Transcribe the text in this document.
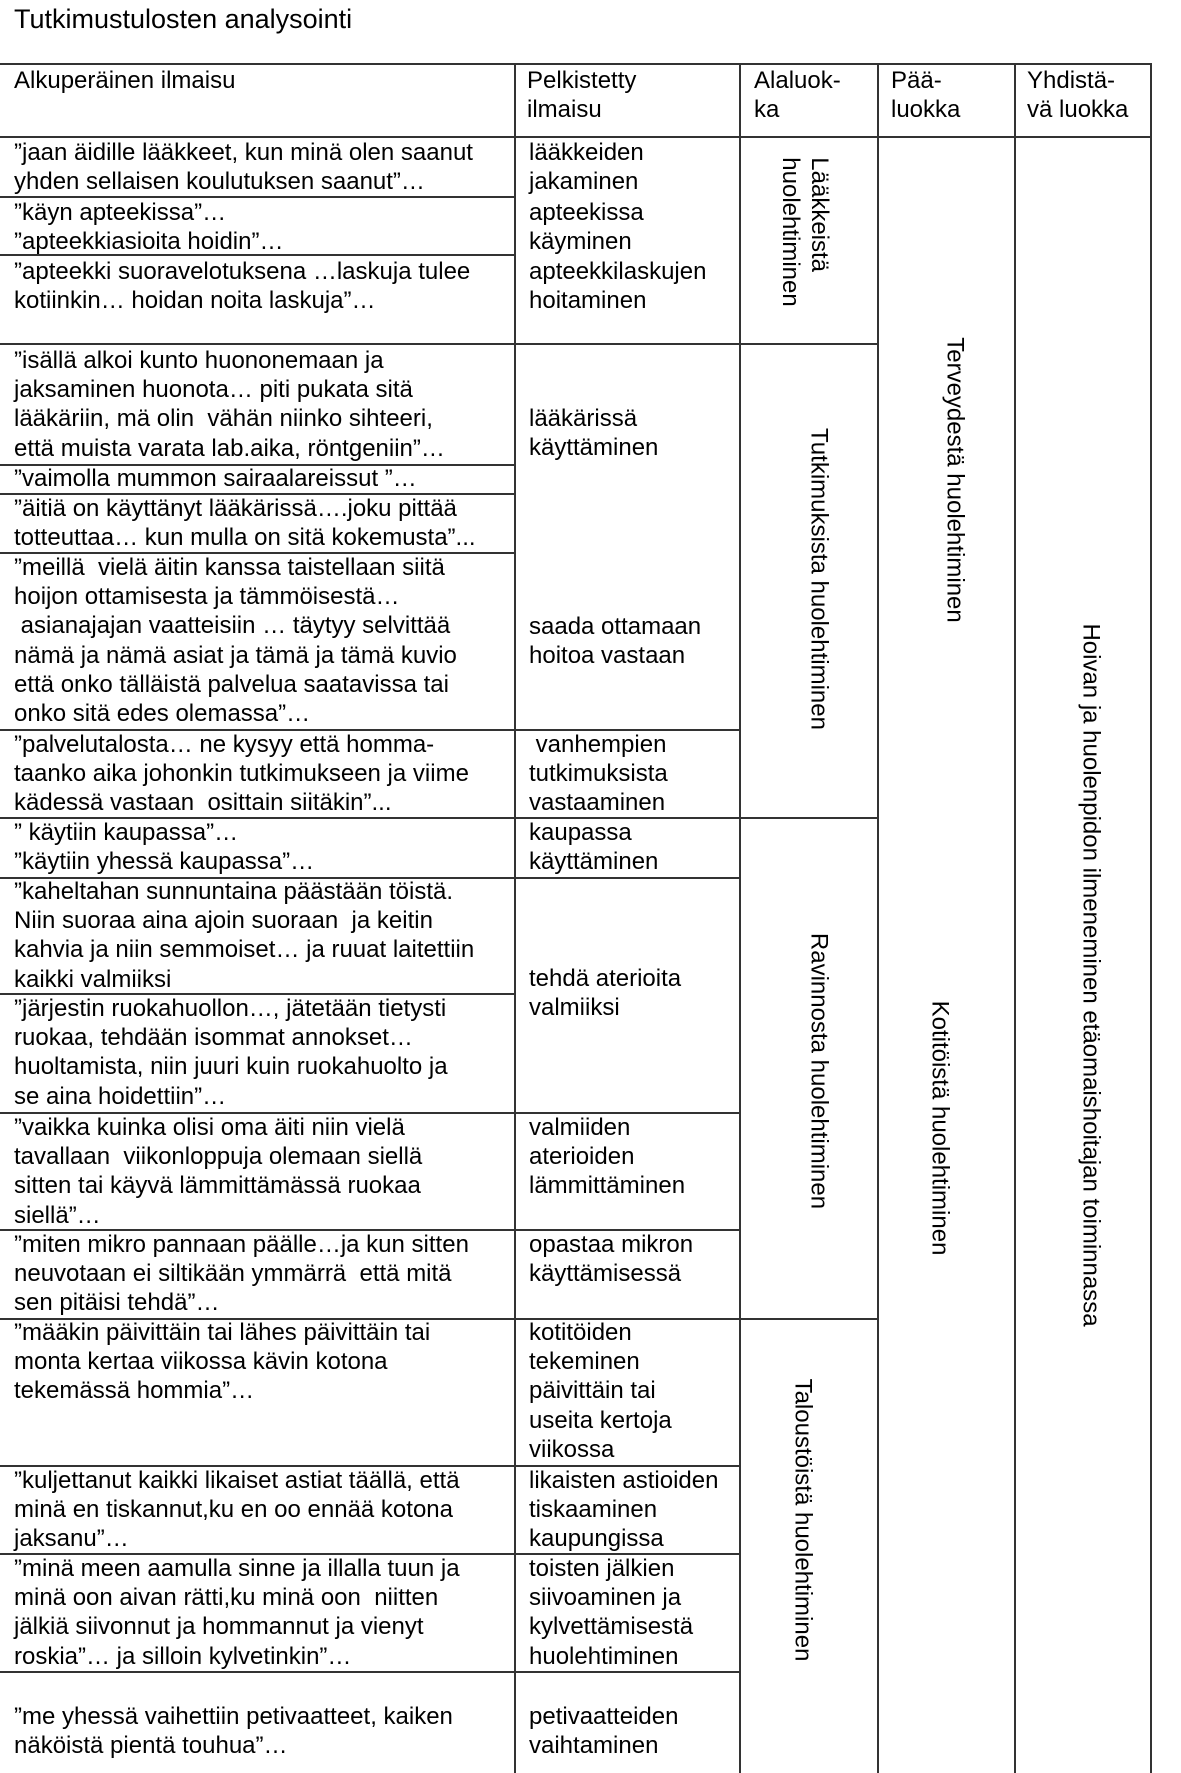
Tutkimustulosten analysointi
Alkuperäinen ilmaisu	Pelkistetty
ilmaisu
Alaluok-
ka
Pää-
luokka
Yhdistä-
vä luokka
”jaan äidille lääkkeet, kun minä olen saanut
yhden sellaisen koulutuksen saanut”…
”käyn apteekissa”…
”apteekkiasioita hoidin”…
”apteekki suoravelotuksena …laskuja tulee
kotiinkin… hoidan noita laskuja”…
”isällä alkoi kunto huononemaan ja
jaksaminen huonota… piti pukata sitä
lääkäriin, mä olin  vähän niinko sihteeri,
että muista varata lab.aika, röntgeniin”…
”vaimolla mummon sairaalareissut ”…
”äitiä on käyttänyt lääkärissä….joku pittää
totteuttaa… kun mulla on sitä kokemusta”...
”meillä  vielä äitin kanssa taistellaan siitä
hoijon ottamisesta ja tämmöisestä…
asianajajan vaatteisiin … täytyy selvittää
nämä ja nämä asiat ja tämä ja tämä kuvio
että onko tälläistä palvelua saatavissa tai
onko sitä edes olemassa”…
”palvelutalosta… ne kysyy että homma-
taanko aika johonkin tutkimukseen ja viime
kädessä vastaan  osittain siitäkin”...
” käytiin kaupassa”…
”käytiin yhessä kaupassa”…
”kaheltahan sunnuntaina päästään töistä.
Niin suoraa aina ajoin suoraan  ja keitin
kahvia ja niin semmoiset… ja ruuat laitettiin
kaikki valmiiksi
”järjestin ruokahuollon…, jätetään tietysti
ruokaa, tehdään isommat annokset…
huoltamista, niin juuri kuin ruokahuolto ja
se aina hoidettiin”…
”vaikka kuinka olisi oma äiti niin vielä
tavallaan  viikonloppuja olemaan siellä
sitten tai käyvä lämmittämässä ruokaa
siellä”…
”miten mikro pannaan päälle…ja kun sitten
neuvotaan ei siltikään ymmärrä  että mitä
sen pitäisi tehdä”…
”määkin päivittäin tai lähes päivittäin tai
monta kertaa viikossa kävin kotona
tekemässä hommia”…
”kuljettanut kaikki likaiset astiat täällä, että
minä en tiskannut,ku en oo ennää kotona
jaksanu”…
”minä meen aamulla sinne ja illalla tuun ja
minä oon aivan rätti,ku minä oon  niitten
jälkiä siivonnut ja hommannut ja vienyt
roskia”… ja silloin kylvetinkin”…
”me yhessä vaihettiin petivaatteet, kaiken
näköistä pientä touhua”…
lääkkeiden
jakaminen
apteekissa
käyminen
apteekkilaskujen
hoitaminen
lääkärissä
käyttäminen
saada ottamaan
hoitoa vastaan
vanhempien
tutkimuksista
vastaaminen
kaupassa
käyttäminen
tehdä aterioita
valmiiksi
valmiiden
aterioiden
lämmittäminen
opastaa mikron
käyttämisessä
kotitöiden
tekeminen
päivittäin tai
useita kertoja
viikossa
likaisten astioiden
tiskaaminen
kaupungissa
toisten jälkien
siivoaminen ja
kylvettämisestä
huolehtiminen
petivaatteiden
vaihtaminen
Lääkkeistä
huolehtiminen
Tutkimuksista huolehtiminen
Ravinnosta huolehtiminen
Taloustöistä huolehtiminen
Terveydestä huolehtiminen
Kotitöistä huolehtiminen	Hoivan ja huolenpidon ilmeneminen etäomaishoitajan toiminnassa
